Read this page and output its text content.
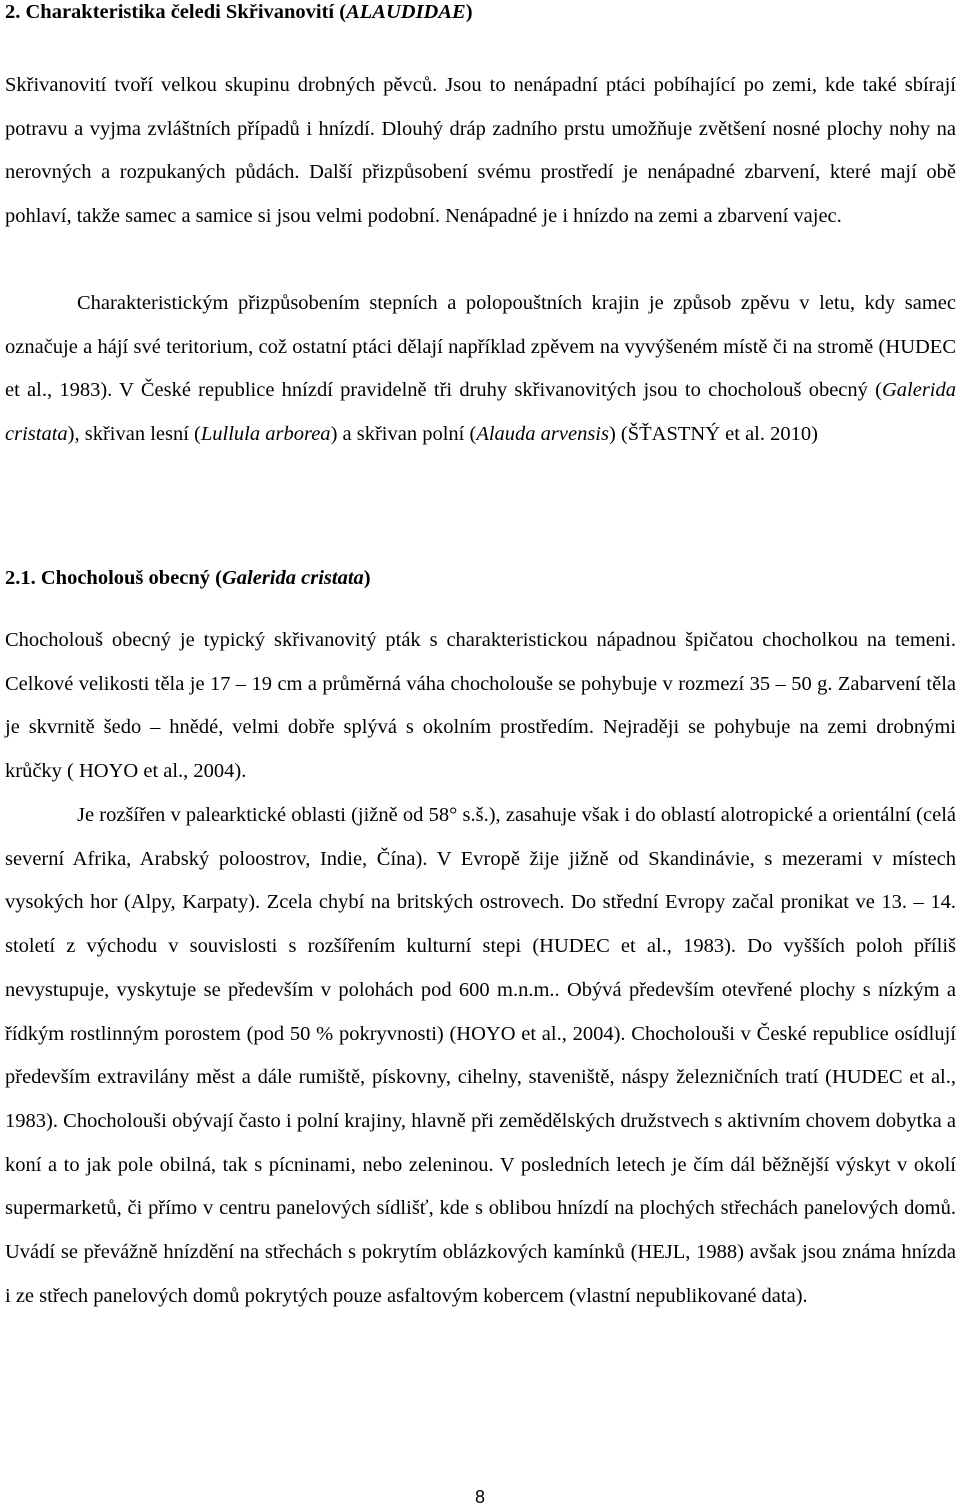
2. Charakteristika čeledi Skřivanovití (ALAUDIDAE)

Skřivanovití tvoří velkou skupinu drobných pěvců. Jsou to nenápadní ptáci pobíhající po zemi, kde také sbírají potravu a vyjma zvláštních případů i hnízdí. Dlouhý dráp zadního prstu umožňuje zvětšení nosné plochy nohy na nerovných a rozpukaných půdách. Další přizpůsobení svému prostředí je nenápadné zbarvení, které mají obě pohlaví, takže samec a samice si jsou velmi podobní. Nenápadné je i hnízdo na zemi a zbarvení vajec.

Charakteristickým přizpůsobením stepních a polopouštních krajin je způsob zpěvu v letu, kdy samec označuje a hájí své teritorium, což ostatní ptáci dělají například zpěvem na vyvýšeném místě či na stromě (HUDEC et al., 1983). V České republice hnízdí pravidelně tři druhy skřivanovitých jsou to chocholouš obecný (Galerida cristata), skřivan lesní (Lullula arborea) a skřivan polní (Alauda arvensis) (ŠŤASTNÝ et al. 2010)

2.1. Chocholouš obecný (Galerida cristata)

Chocholouš obecný je typický skřivanovitý pták s charakteristickou nápadnou špičatou chocholkou na temeni. Celkové velikosti těla je 17 – 19 cm a průměrná váha chocholouše se pohybuje v rozmezí 35 – 50 g. Zabarvení těla je skvrnitě šedo – hnědé, velmi dobře splývá s okolním prostředím. Nejraději se pohybuje na zemi drobnými krůčky ( HOYO et al., 2004).

Je rozšířen v palearktické oblasti (jižně od 58° s.š.), zasahuje však i do oblastí alotropické a orientální (celá severní Afrika, Arabský poloostrov, Indie, Čína). V Evropě žije jižně od Skandinávie, s mezerami v místech vysokých hor (Alpy, Karpaty). Zcela chybí na britských ostrovech. Do střední Evropy začal pronikat ve 13. – 14. století z východu v souvislosti s rozšířením kulturní stepi (HUDEC et al., 1983). Do vyšších poloh příliš nevystupuje, vyskytuje se především v polohách pod 600 m.n.m.. Obývá především otevřené plochy s nízkým a řídkým rostlinným porostem (pod 50 % pokryvnosti) (HOYO et al., 2004). Chocholouši v České republice osídlují především extravilány měst a dále rumiště, pískovny, cihelny, staveniště, náspy železničních tratí (HUDEC et al., 1983). Chocholouši obývají často i polní krajiny, hlavně při zemědělských družstvech s aktivním chovem dobytka a koní a to jak pole obilná, tak s pícninami, nebo zeleninou. V posledních letech je čím dál běžnější výskyt v okolí supermarketů, či přímo v centru panelových sídlišť, kde s oblibou hnízdí na plochých střechách panelových domů. Uvádí se převážně hnízdění na střechách s pokrytím oblázkových kamínků (HEJL, 1988) avšak jsou známa hnízda i ze střech panelových domů pokrytých pouze asfaltovým kobercem (vlastní nepublikované data).

8
